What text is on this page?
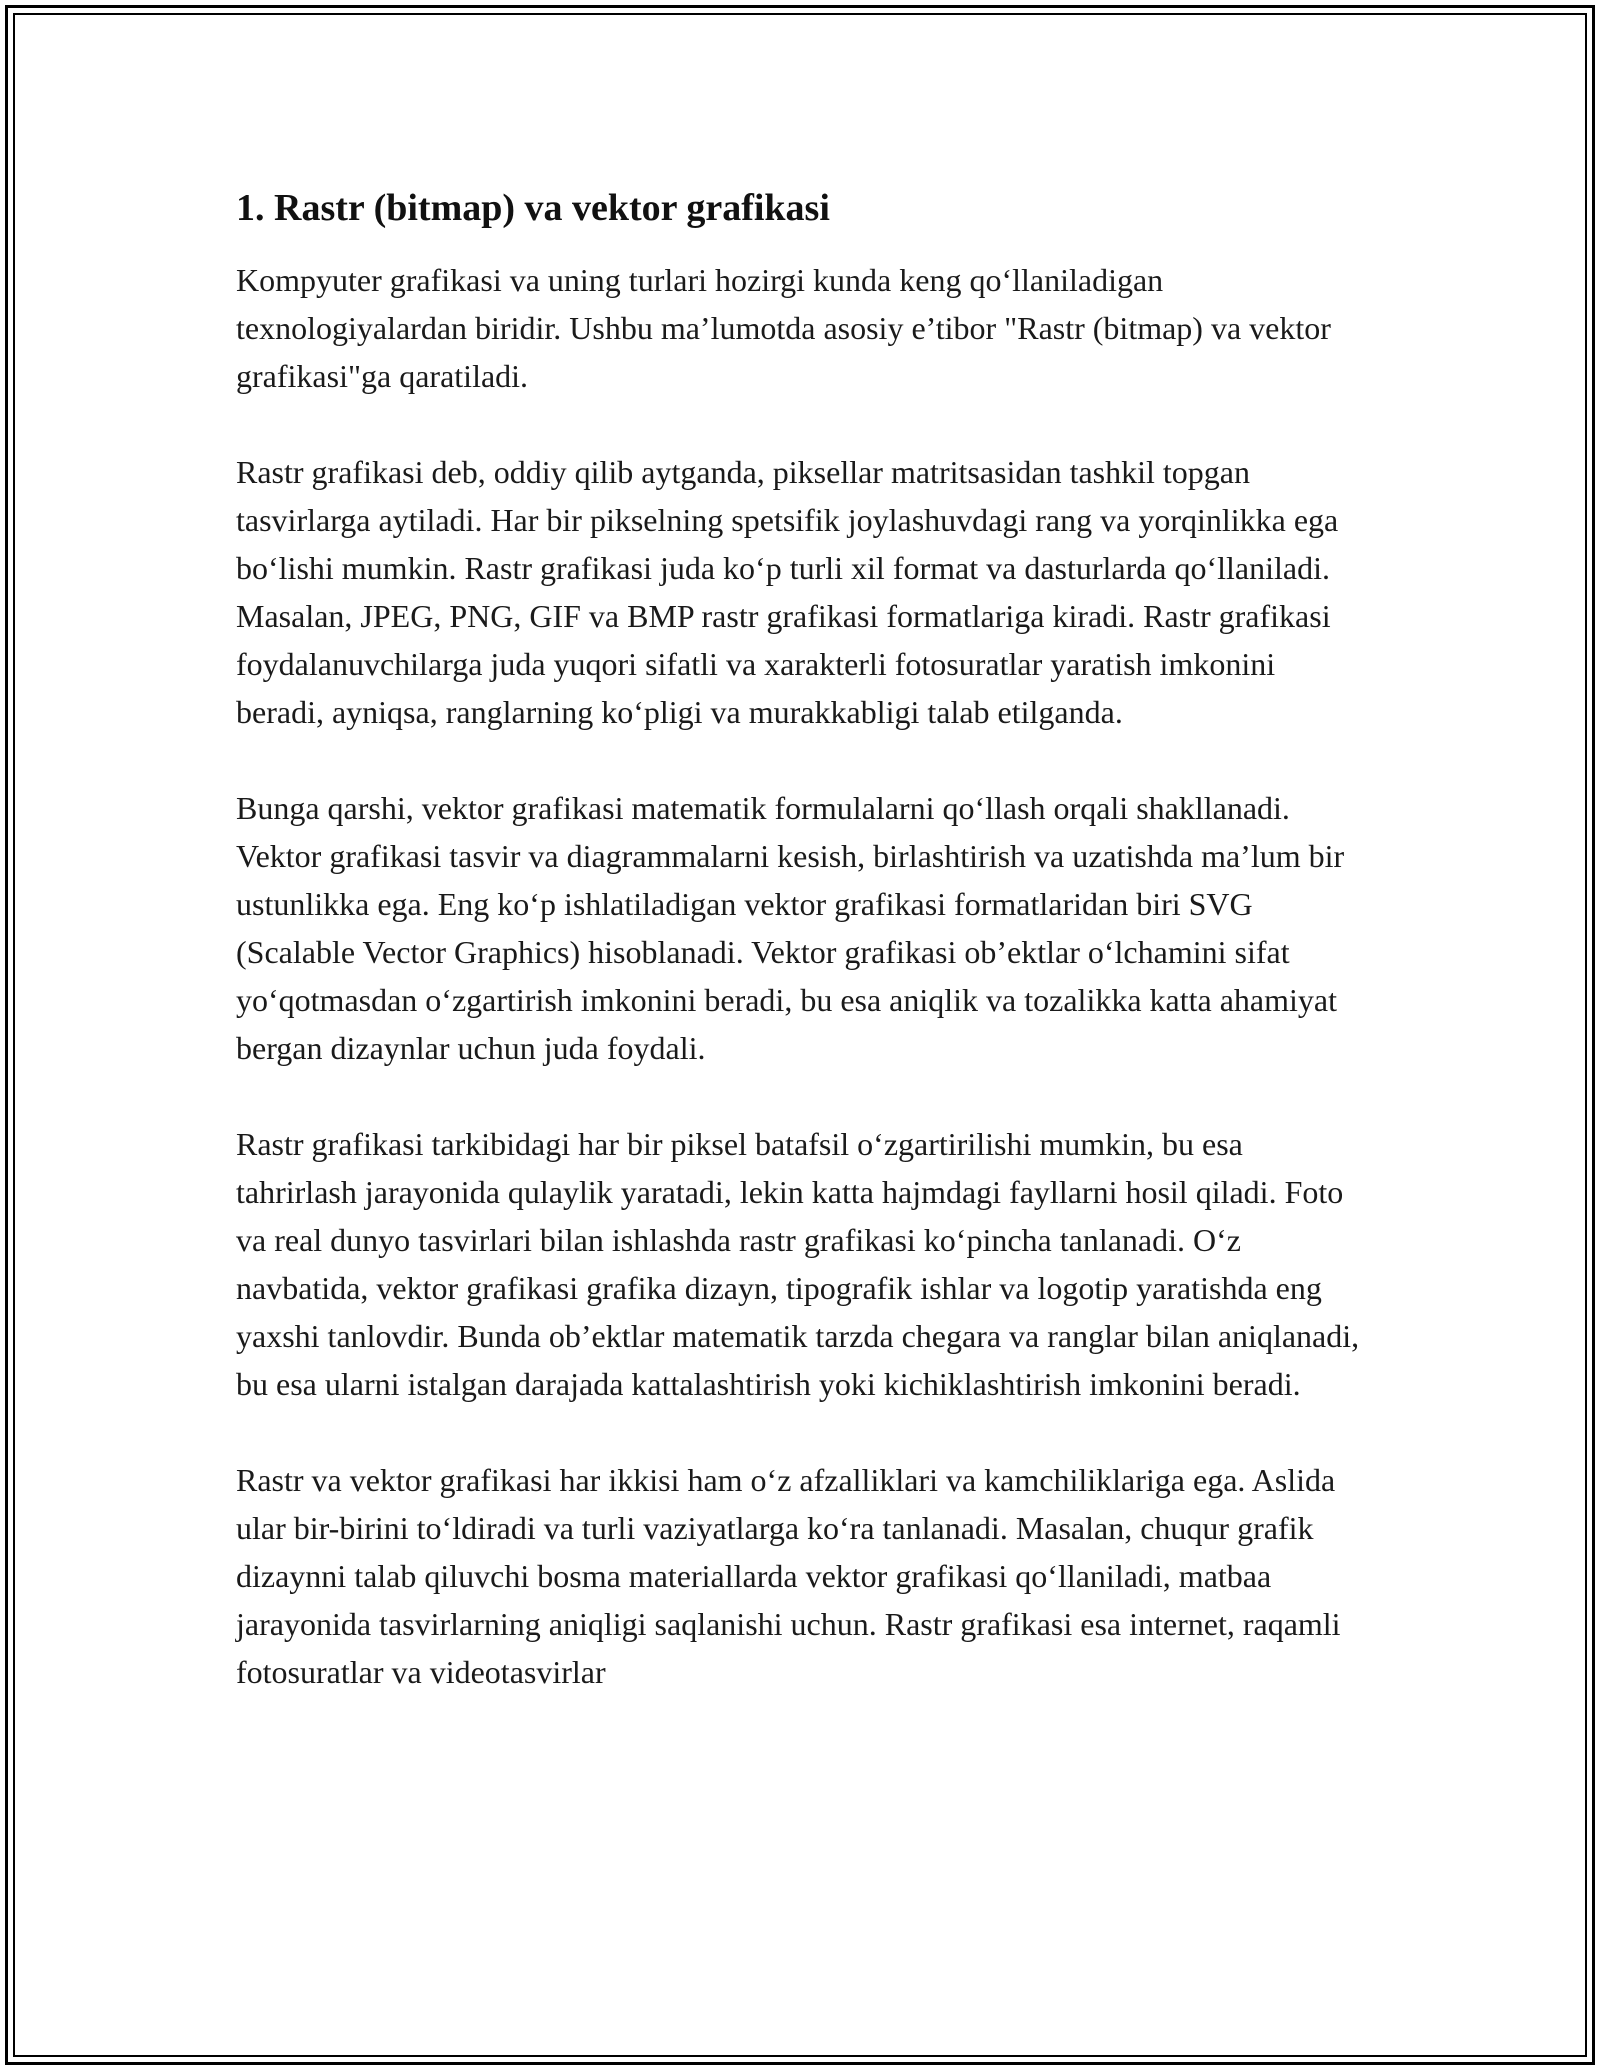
1. Rastr (bitmap) va vektor grafikasi

Kompyuter grafikasi va uning turlari hozirgi kunda keng qo‘llaniladigan texnologiyalardan biridir. Ushbu ma’lumotda asosiy e’tibor "Rastr (bitmap) va vektor grafikasi"ga qaratiladi.

Rastr grafikasi deb, oddiy qilib aytganda, piksellar matritsasidan tashkil topgan tasvirlarga aytiladi. Har bir pikselning spetsifik joylashuvdagi rang va yorqinlikka ega bo‘lishi mumkin. Rastr grafikasi juda ko‘p turli xil format va dasturlarda qo‘llaniladi. Masalan, JPEG, PNG, GIF va BMP rastr grafikasi formatlariga kiradi. Rastr grafikasi foydalanuvchilarga juda yuqori sifatli va xarakterli fotosuratlar yaratish imkonini beradi, ayniqsa, ranglarning ko‘pligi va murakkabligi talab etilganda.

Bunga qarshi, vektor grafikasi matematik formulalarni qo‘llash orqali shakllanadi. Vektor grafikasi tasvir va diagrammalarni kesish, birlashtirish va uzatishda ma’lum bir ustunlikka ega. Eng ko‘p ishlatiladigan vektor grafikasi formatlaridan biri SVG (Scalable Vector Graphics) hisoblanadi. Vektor grafikasi ob’ektlar o‘lchamini sifat yo‘qotmasdan o‘zgartirish imkonini beradi, bu esa aniqlik va tozalikka katta ahamiyat bergan dizaynlar uchun juda foydali.

Rastr grafikasi tarkibidagi har bir piksel batafsil o‘zgartirilishi mumkin, bu esa tahrirlash jarayonida qulaylik yaratadi, lekin katta hajmdagi fayllarni hosil qiladi. Foto va real dunyo tasvirlari bilan ishlashda rastr grafikasi ko‘pincha tanlanadi. O‘z navbatida, vektor grafikasi grafika dizayn, tipografik ishlar va logotip yaratishda eng yaxshi tanlovdir. Bunda ob’ektlar matematik tarzda chegara va ranglar bilan aniqlanadi, bu esa ularni istalgan darajada kattalashtirish yoki kichiklashtirish imkonini beradi.

Rastr va vektor grafikasi har ikkisi ham o‘z afzalliklari va kamchiliklariga ega. Aslida ular bir-birini to‘ldiradi va turli vaziyatlarga ko‘ra tanlanadi. Masalan, chuqur grafik dizaynni talab qiluvchi bosma materiallarda vektor grafikasi qo‘llaniladi, matbaa jarayonida tasvirlarning aniqligi saqlanishi uchun. Rastr grafikasi esa internet, raqamli fotosuratlar va videotasvirlar
